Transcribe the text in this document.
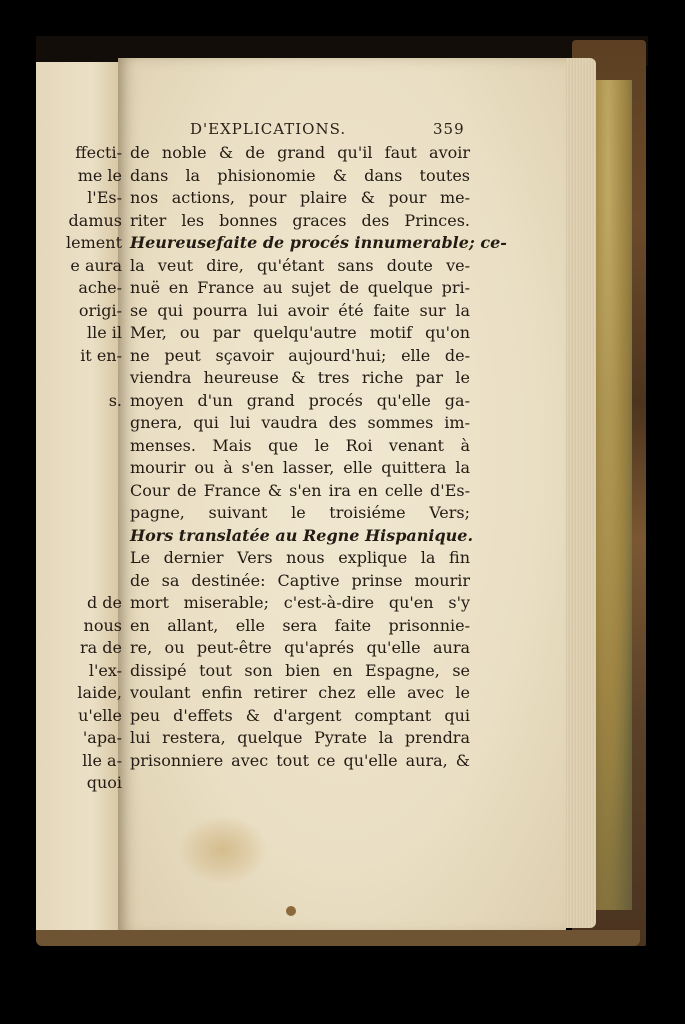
D'EXPLICATIONS.	359
ffecti-
me le
l'Es-
damus
lement
e aura
ache-
origi-
lle il
it en-
s.
d de
nous
ra de
l'ex-
laide,
u'elle
'apa-
lle a-
quoi
de noble & de grand qu'il faut avoir
dans la phisionomie & dans toutes
nos actions, pour plaire & pour me-
riter les bonnes graces des Princes.
Heureusefaite de procés innumerable; ce-
la veut dire, qu'étant sans doute ve-
nuë en France au sujet de quelque pri-
se qui pourra lui avoir été faite sur la
Mer, ou par quelqu'autre motif qu'on
ne peut sçavoir aujourd'hui; elle de-
viendra heureuse & tres riche par le
moyen d'un grand procés qu'elle ga-
gnera, qui lui vaudra des sommes im-
menses. Mais que le Roi venant à
mourir ou à s'en lasser, elle quittera la
Cour de France & s'en ira en celle d'Es-
pagne, suivant le troisiéme Vers;
Hors translatée au Regne Hispanique.
Le dernier Vers nous explique la fin
de sa destinée: Captive prinse mourir
mort miserable; c'est-à-dire qu'en s'y
en allant, elle sera faite prisonnie-
re, ou peut-être qu'aprés qu'elle aura
dissipé tout son bien en Espagne, se
voulant enfin retirer chez elle avec le
peu d'effets & d'argent comptant qui
lui restera, quelque Pyrate la prendra
prisonniere avec tout ce qu'elle aura, &
